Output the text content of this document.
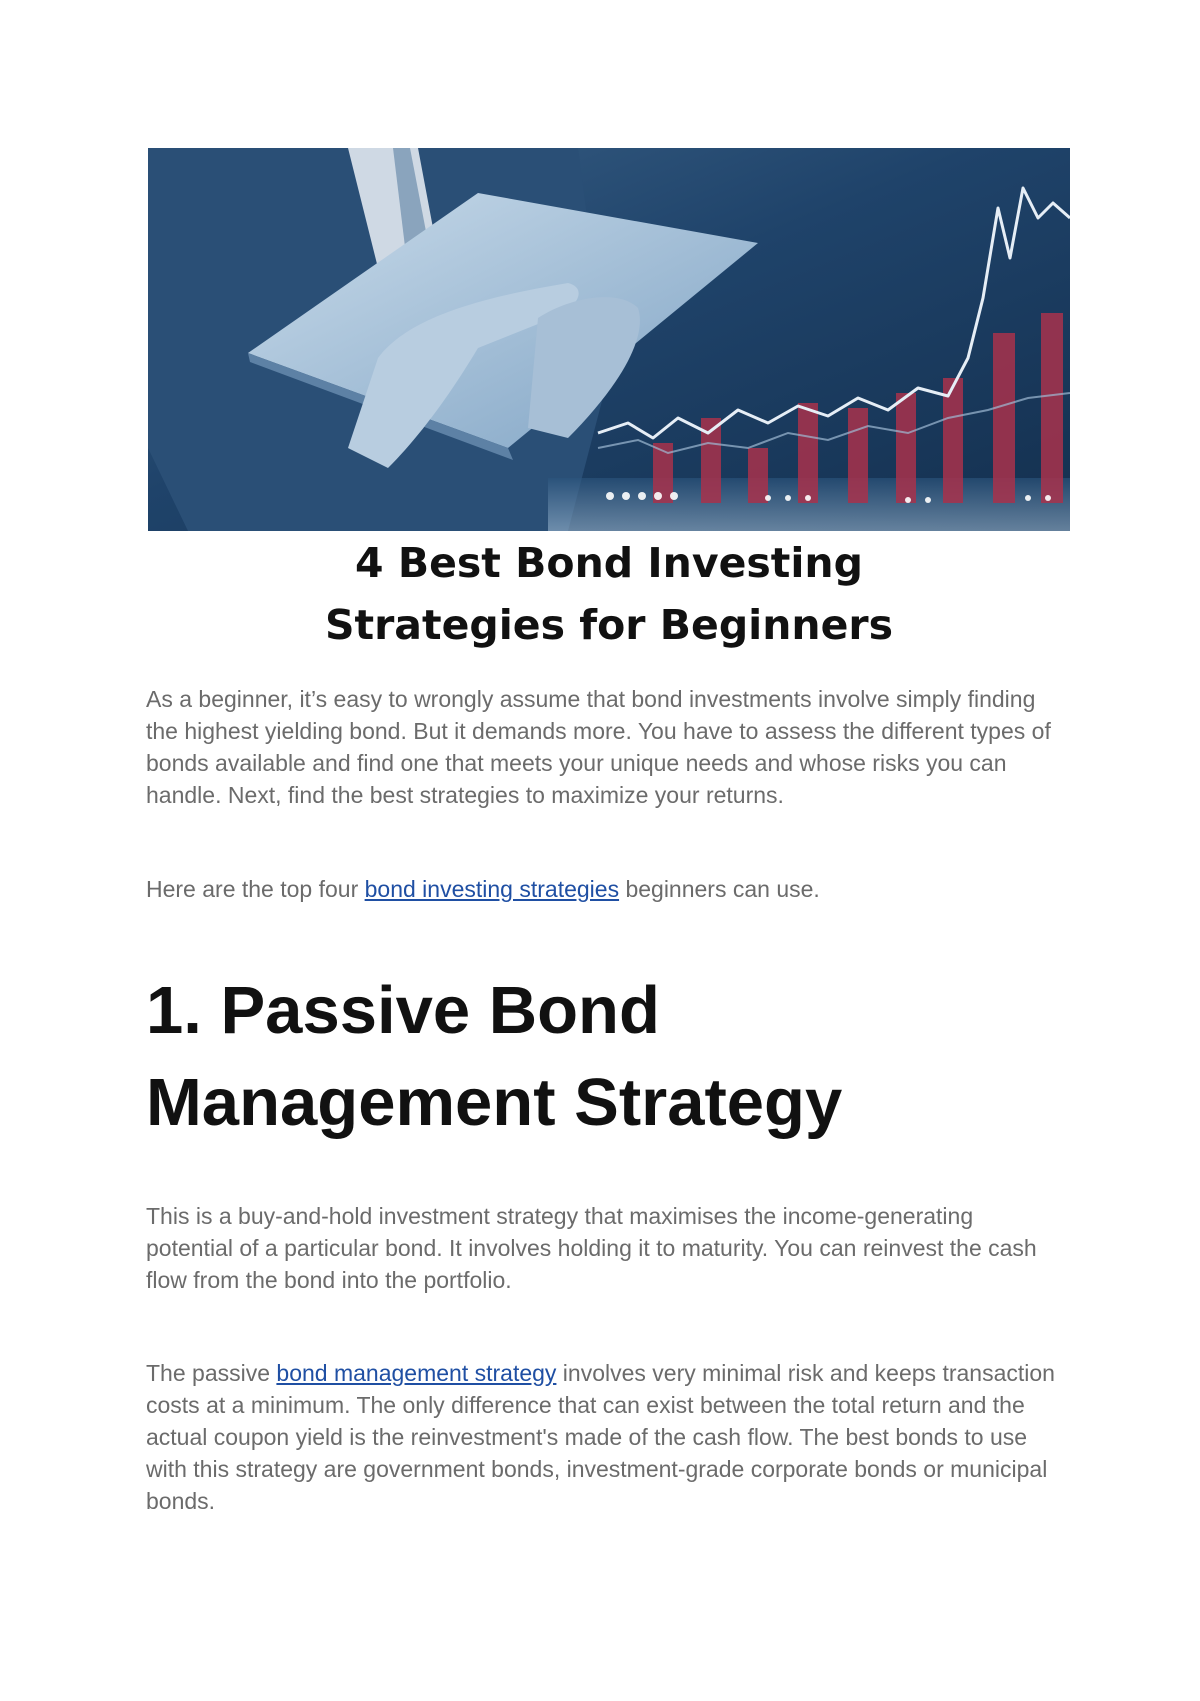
4 Best Bond Investing
Strategies for Beginners

As a beginner, it’s easy to wrongly assume that bond investments involve simply finding the highest yielding bond. But it demands more. You have to assess the different types of bonds available and find one that meets your unique needs and whose risks you can handle. Next, find the best strategies to maximize your returns.

Here are the top four bond investing strategies beginners can use.

1. Passive Bond
Management Strategy

This is a buy-and-hold investment strategy that maximises the income-generating potential of a particular bond. It involves holding it to maturity. You can reinvest the cash flow from the bond into the portfolio.

The passive bond management strategy involves very minimal risk and keeps transaction costs at a minimum. The only difference that can exist between the total return and the actual coupon yield is the reinvestment's made of the cash flow. The best bonds to use with this strategy are government bonds, investment-grade corporate bonds or municipal bonds.
